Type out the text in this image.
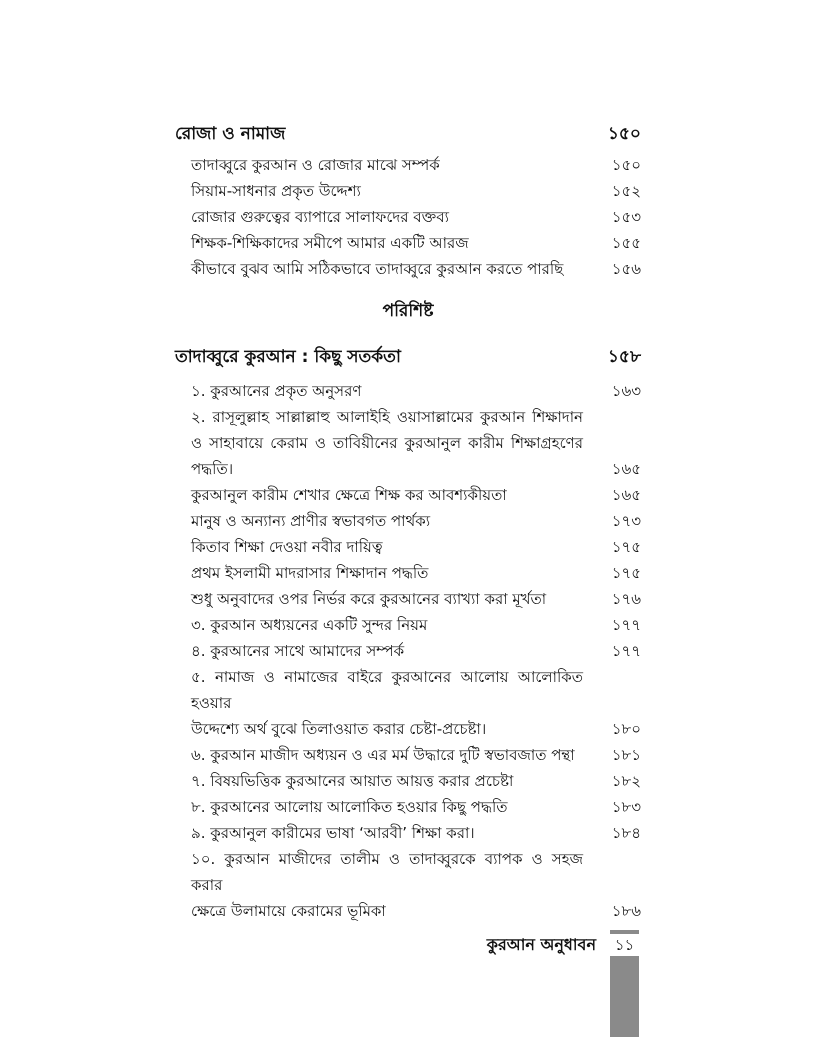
রোজা ও নামাজ	১৫০
তাদাব্বুরে কুরআন ও রোজার মাঝে সম্পর্ক	১৫০
সিয়াম-সাধনার প্রকৃত উদ্দেশ্য	১৫২
রোজার গুরুত্বের ব্যাপারে সালাফদের বক্তব্য	১৫৩
শিক্ষক-শিক্ষিকাদের সমীপে আমার একটি আরজ	১৫৫
কীভাবে বুঝব আমি সঠিকভাবে তাদাব্বুরে কুরআন করতে পারছি	১৫৬
পরিশিষ্ট
তাদাব্বুরে কুরআন : কিছু সতর্কতা	১৫৮
১. কুরআনের প্রকৃত অনুসরণ	১৬৩
২. রাসূলুল্লাহ সাল্লাল্লাহু আলাইহি ওয়াসাল্লামের কুরআন শিক্ষাদান
ও সাহাবায়ে কেরাম ও তাবিয়ীনের কুরআনুল কারীম শিক্ষাগ্রহণের
পদ্ধতি।	১৬৫
কুরআনুল কারীম শেখার ক্ষেত্রে শিক্ষ কর আবশ্যকীয়তা	১৬৫
মানুষ ও অন্যান্য প্রাণীর স্বভাবগত পার্থক্য	১৭৩
কিতাব শিক্ষা দেওয়া নবীর দায়িত্ব	১৭৫
প্রথম ইসলামী মাদরাসার শিক্ষাদান পদ্ধতি	১৭৫
শুধু অনুবাদের ওপর নির্ভর করে কুরআনের ব্যাখ্যা করা মূর্খতা	১৭৬
৩. কুরআন অধ্যয়নের একটি সুন্দর নিয়ম	১৭৭
৪. কুরআনের সাথে আমাদের সম্পর্ক	১৭৭
৫. নামাজ ও নামাজের বাইরে কুরআনের আলোয় আলোকিত হওয়ার
উদ্দেশ্যে অর্থ বুঝে তিলাওয়াত করার চেষ্টা-প্রচেষ্টা।	১৮০
৬. কুরআন মাজীদ অধ্যয়ন ও এর মর্ম উদ্ধারে দুটি স্বভাবজাত পন্থা	১৮১
৭. বিষয়ভিত্তিক কুরআনের আয়াত আয়ত্ত করার প্রচেষ্টা	১৮২
৮. কুরআনের আলোয় আলোকিত হওয়ার কিছু পদ্ধতি	১৮৩
৯. কুরআনুল কারীমের ভাষা ‘আরবী’ শিক্ষা করা।	১৮৪
১০. কুরআন মাজীদের তালীম ও তাদাব্বুরকে ব্যাপক ও সহজ করার
ক্ষেত্রে উলামায়ে কেরামের ভূমিকা	১৮৬
কুরআন অনুধাবন	১১
